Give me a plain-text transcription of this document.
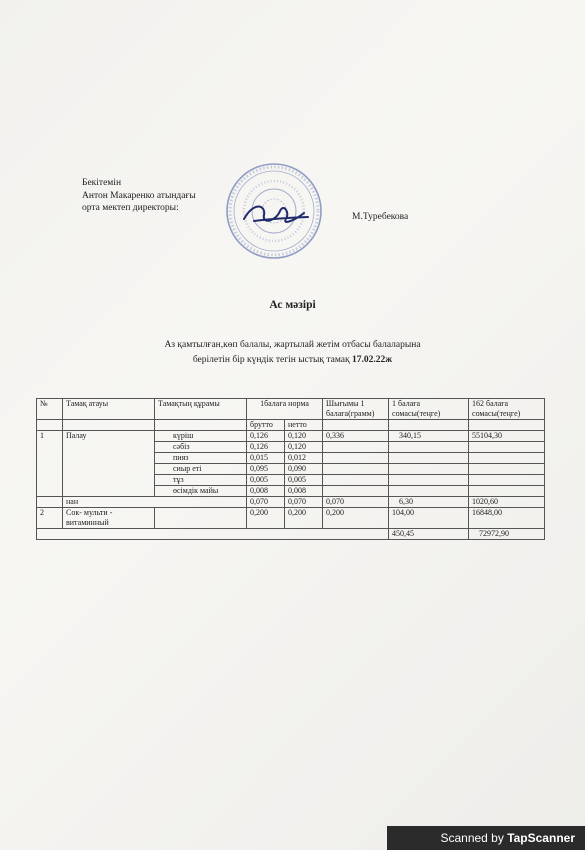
Бекітемін
Антон Макаренко атындағы
орта мектеп директоры:
М.Туребекова
Ас мәзірі
Аз қамтылған,көп балалы, жартылай жетім отбасы балаларына
берілетін бір күндік тегін ыстық тамақ 17.02.22ж
№	Тамақ атауы	Тамақтың құрамы	1балаға норма		Шығымы 1 балаға(грамм)	1 балаға сомасы(теңге)	162 балаға сомасы(теңге)
			брутто	нетто			
1	Палау	күріш	0,126	0,120	0,336	340,15	55104,30
		сәбіз	0,126	0,120			
		пияз	0,015	0,012			
		сиыр еті	0,095	0,090			
		тұз	0,005	0,005			
		өсімдік майы	0,008	0,008			
	нан		0,070	0,070	0,070	6,30	1020,60
2	Сок- мульти - витаминный		0,200	0,200	0,200	104,00	16848,00
						450,45	72972,90
Scanned by TapScanner
